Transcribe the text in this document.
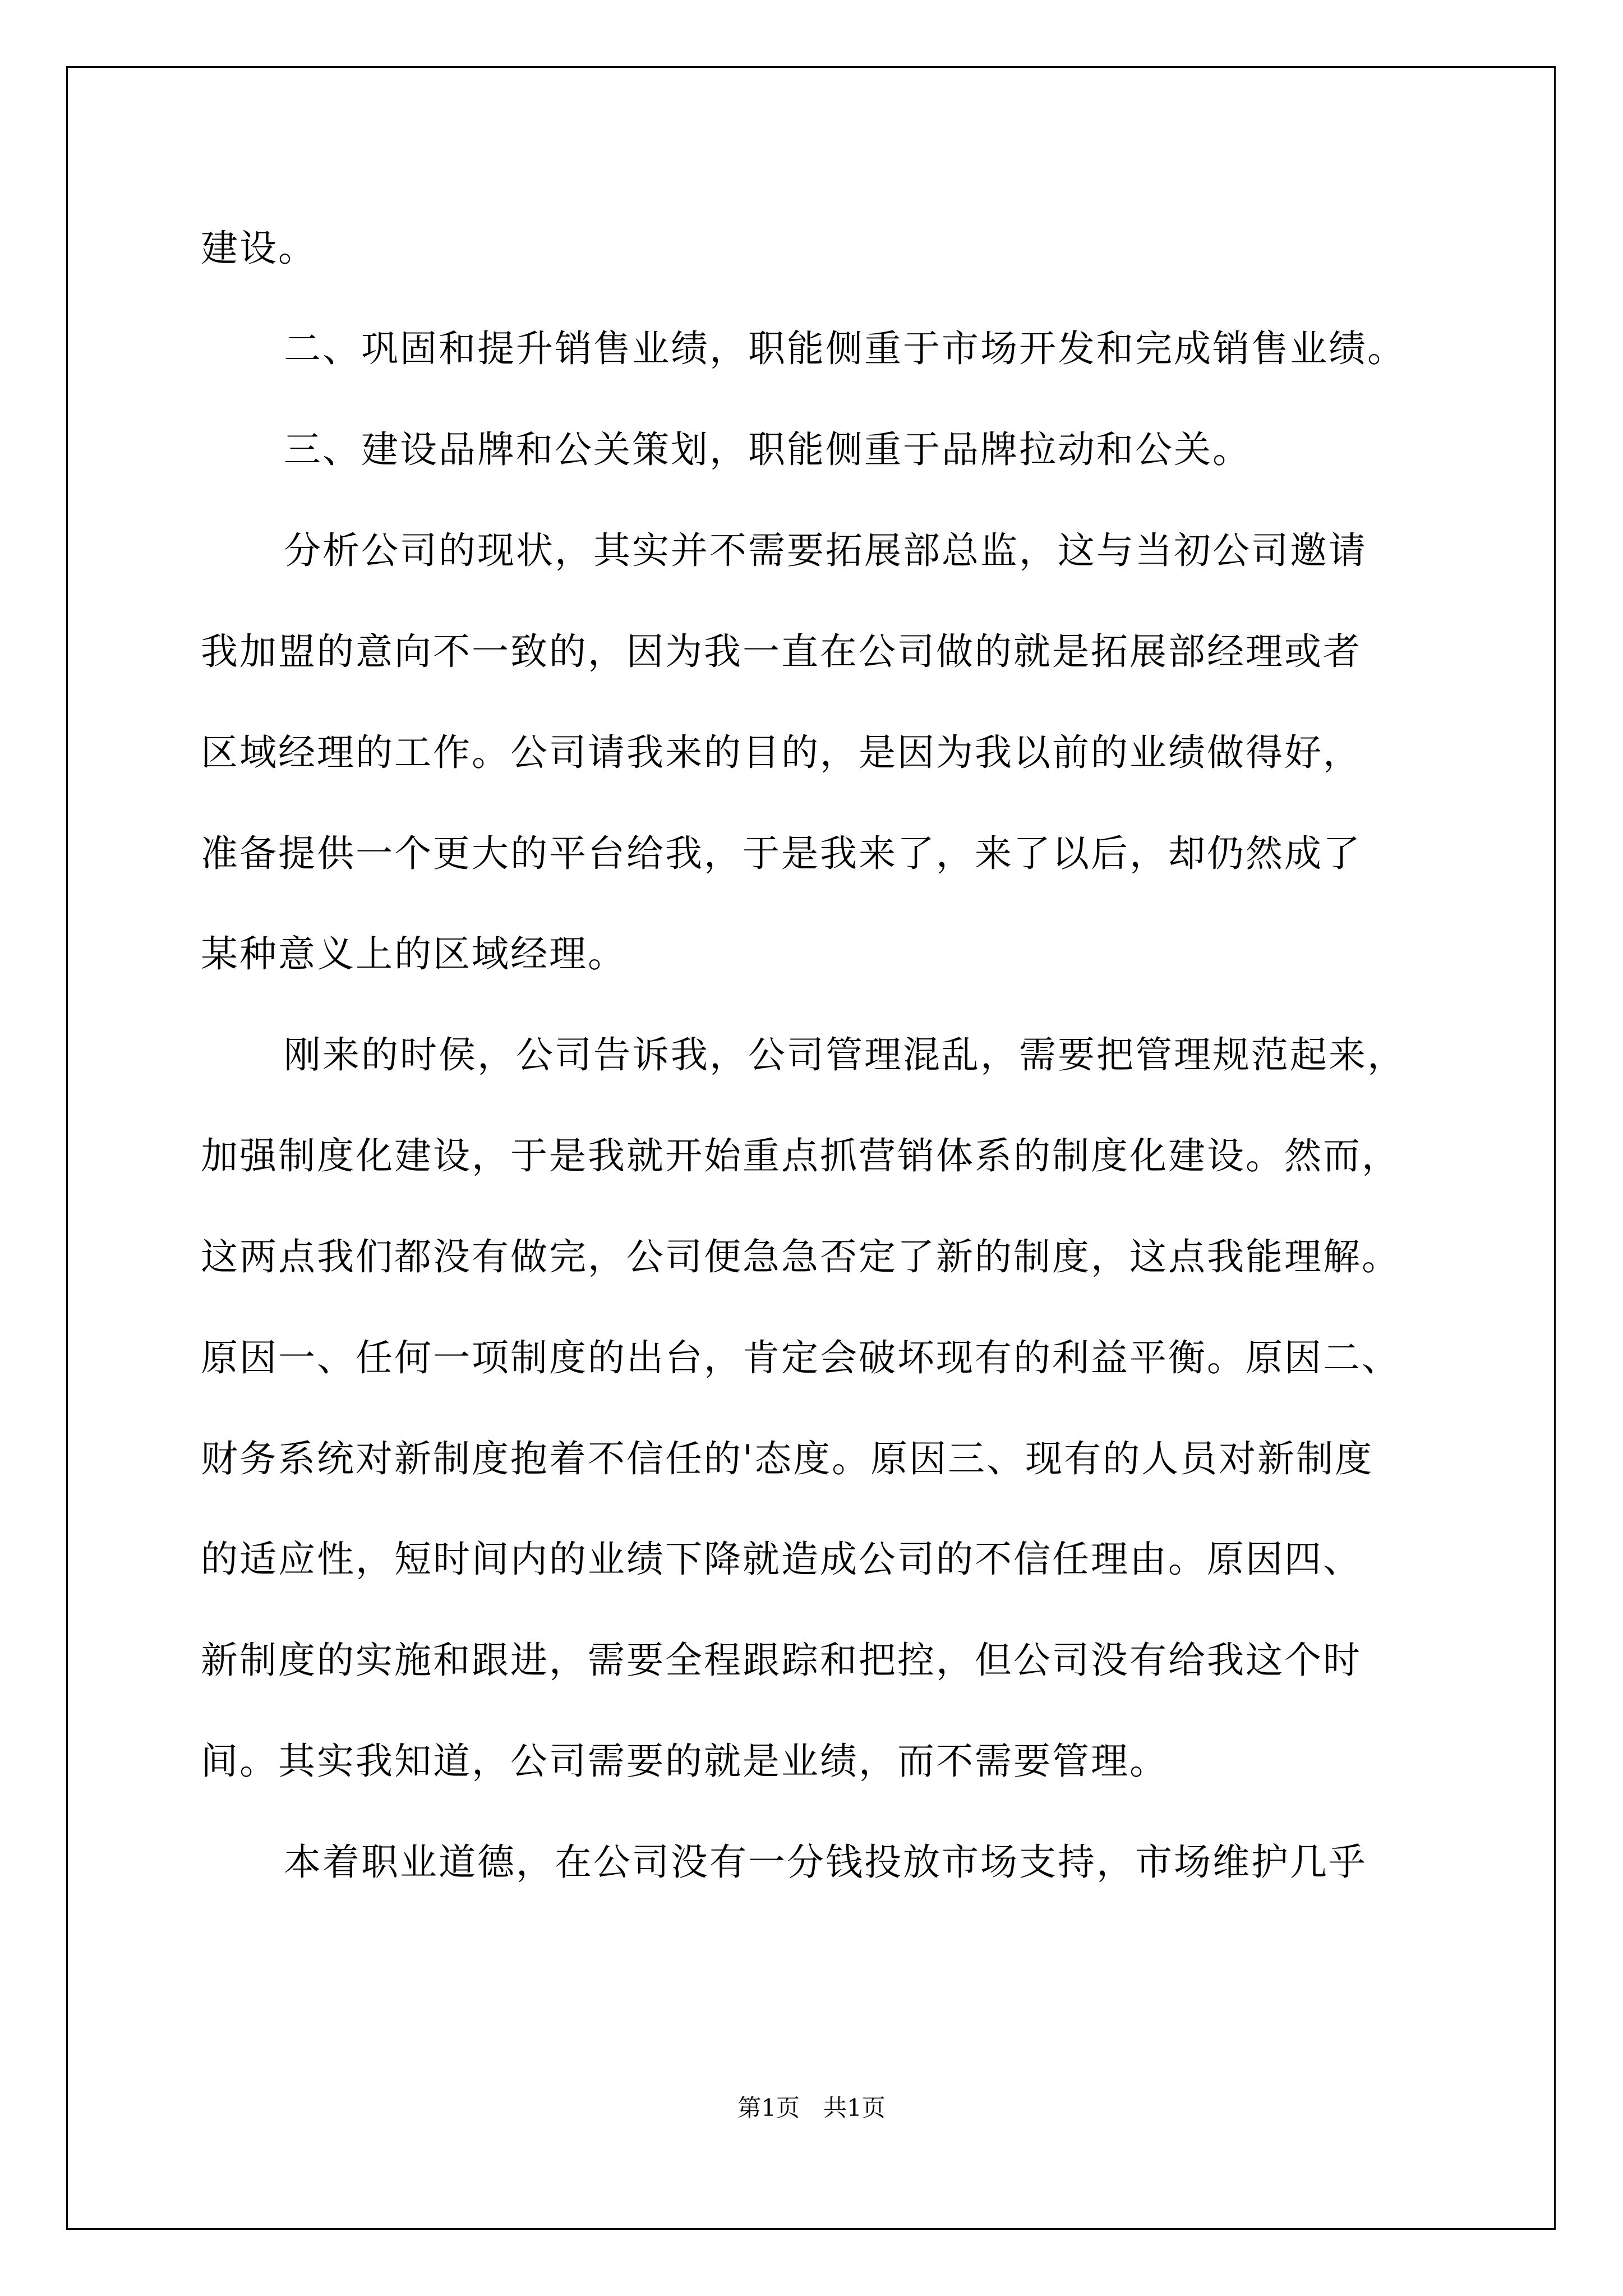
建设。
二、巩固和提升销售业绩，职能侧重于市场开发和完成销售业绩。
三、建设品牌和公关策划，职能侧重于品牌拉动和公关。
分析公司的现状，其实并不需要拓展部总监，这与当初公司邀请
我加盟的意向不一致的，因为我一直在公司做的就是拓展部经理或者
区域经理的工作。公司请我来的目的，是因为我以前的业绩做得好，
准备提供一个更大的平台给我，于是我来了，来了以后，却仍然成了
某种意义上的区域经理。
刚来的时侯，公司告诉我，公司管理混乱，需要把管理规范起来，
加强制度化建设，于是我就开始重点抓营销体系的制度化建设。然而，
这两点我们都没有做完，公司便急急否定了新的制度，这点我能理解。
原因一、任何一项制度的出台，肯定会破坏现有的利益平衡。原因二、
财务系统对新制度抱着不信任的'态度。原因三、现有的人员对新制度
的适应性，短时间内的业绩下降就造成公司的不信任理由。原因四、
新制度的实施和跟进，需要全程跟踪和把控，但公司没有给我这个时
间。其实我知道，公司需要的就是业绩，而不需要管理。
本着职业道德，在公司没有一分钱投放市场支持，市场维护几乎
第1页　共1页
